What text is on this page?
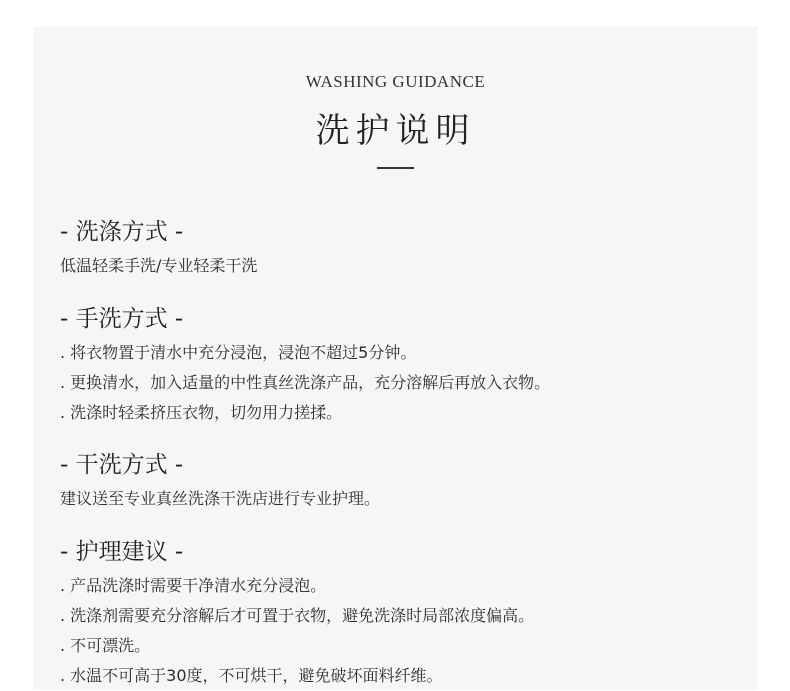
WASHING GUIDANCE
洗护说明
- 洗涤方式 -

低温轻柔手洗/专业轻柔干洗

- 手洗方式 -

. 将衣物置于清水中充分浸泡，浸泡不超过5分钟。

. 更换清水，加入适量的中性真丝洗涤产品，充分溶解后再放入衣物。

. 洗涤时轻柔挤压衣物，切勿用力搓揉。

- 干洗方式 -

建议送至专业真丝洗涤干洗店进行专业护理。

- 护理建议 -

. 产品洗涤时需要干净清水充分浸泡。

. 洗涤剂需要充分溶解后才可置于衣物，避免洗涤时局部浓度偏高。

. 不可漂洗。

. 水温不可高于30度，不可烘干，避免破坏面料纤维。
